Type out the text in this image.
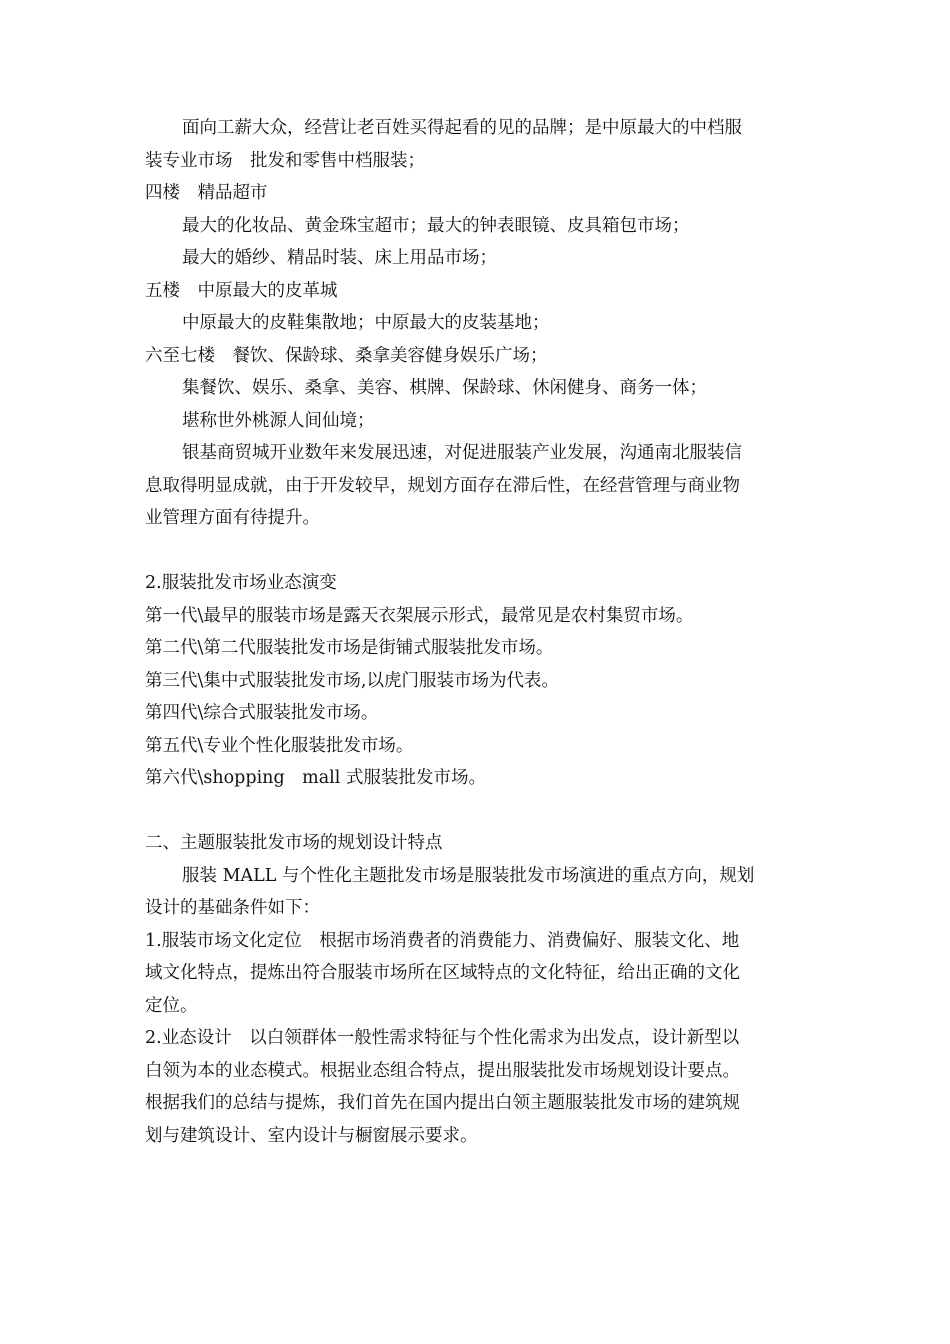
面向工薪大众，经营让老百姓买得起看的见的品牌；是中原最大的中档服

装专业市场　批发和零售中档服装；

四楼　精品超市

最大的化妆品、黄金珠宝超市；最大的钟表眼镜、皮具箱包市场；

最大的婚纱、精品时装、床上用品市场；

五楼　中原最大的皮革城

中原最大的皮鞋集散地；中原最大的皮装基地；

六至七楼　餐饮、保龄球、桑拿美容健身娱乐广场；

集餐饮、娱乐、桑拿、美容、棋牌、保龄球、休闲健身、商务一体；

堪称世外桃源人间仙境；

银基商贸城开业数年来发展迅速，对促进服装产业发展，沟通南北服装信

息取得明显成就，由于开发较早，规划方面存在滞后性，在经营管理与商业物

业管理方面有待提升。

2.服装批发市场业态演变

第一代\最早的服装市场是露天衣架展示形式，最常见是农村集贸市场。

第二代\第二代服装批发市场是街铺式服装批发市场。

第三代\集中式服装批发市场,以虎门服装市场为代表。

第四代\综合式服装批发市场。

第五代\专业个性化服装批发市场。

第六代\shopping　mall 式服装批发市场。

二、主题服装批发市场的规划设计特点

服装 MALL 与个性化主题批发市场是服装批发市场演进的重点方向，规划

设计的基础条件如下：

1.服装市场文化定位　根据市场消费者的消费能力、消费偏好、服装文化、地

域文化特点，提炼出符合服装市场所在区域特点的文化特征，给出正确的文化

定位。

2.业态设计　以白领群体一般性需求特征与个性化需求为出发点，设计新型以

白领为本的业态模式。根据业态组合特点，提出服装批发市场规划设计要点。

根据我们的总结与提炼，我们首先在国内提出白领主题服装批发市场的建筑规

划与建筑设计、室内设计与橱窗展示要求。
